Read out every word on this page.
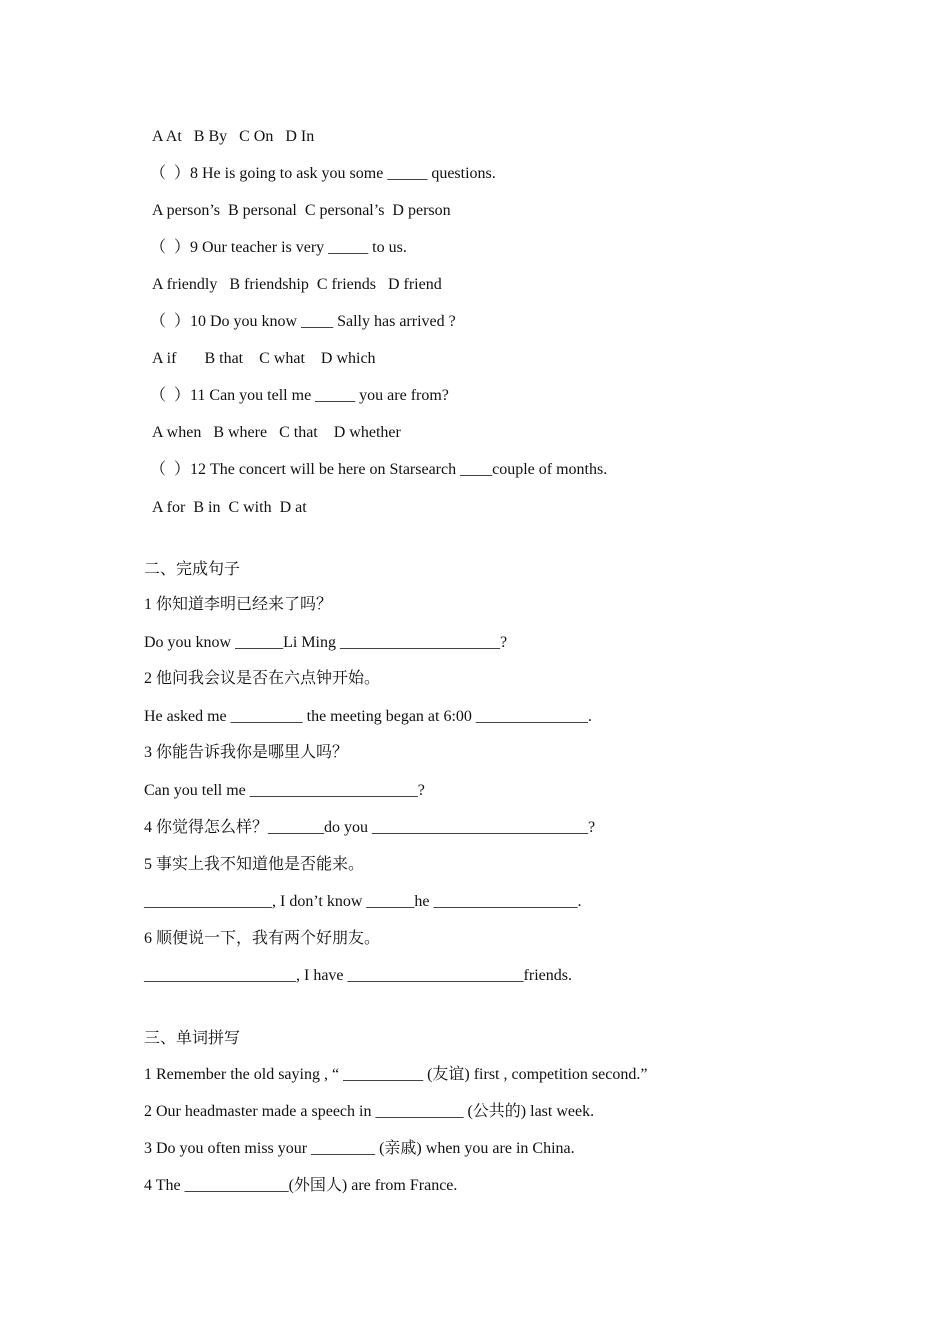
A At   B By   C On   D In
（  ）8 He is going to ask you some _____ questions.
A person’s  B personal  C personal’s  D person
（  ）9 Our teacher is very _____ to us.
A friendly   B friendship  C friends   D friend
（  ）10 Do you know ____ Sally has arrived ?
A if       B that    C what    D which
（  ）11 Can you tell me _____ you are from?
A when   B where   C that    D whether
（  ）12 The concert will be here on Starsearch ____couple of months.
A for  B in  C with  D at
二、完成句子
1 你知道李明已经来了吗？
Do you know ______Li Ming ____________________?
2 他问我会议是否在六点钟开始。
He asked me _________ the meeting began at 6:00 ______________.
3 你能告诉我你是哪里人吗？
Can you tell me _____________________?
4 你觉得怎么样？_______do you ___________________________?
5 事实上我不知道他是否能来。
________________, I don’t know ______he __________________.
6 顺便说一下，我有两个好朋友。
___________________, I have ______________________friends.
三、单词拼写
1 Remember the old saying , “ __________ (友谊) first , competition second.”
2 Our headmaster made a speech in ___________ (公共的) last week.
3 Do you often miss your ________ (亲戚) when you are in China.
4 The _____________(外国人) are from France.
